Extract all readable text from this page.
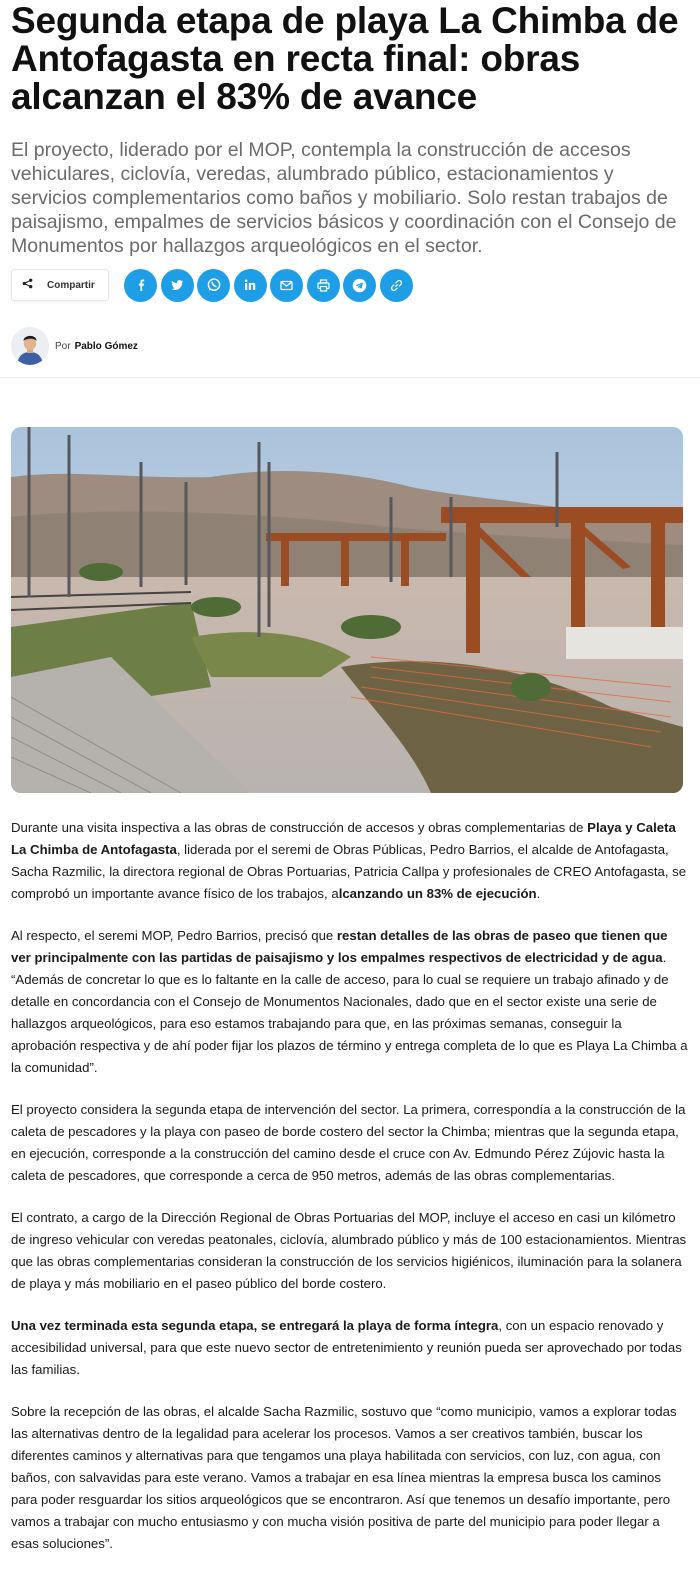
Segunda etapa de playa La Chimba de Antofagasta en recta final: obras alcanzan el 83% de avance

El proyecto, liderado por el MOP, contempla la construcción de accesos vehiculares, ciclovía, veredas, alumbrado público, estacionamientos y servicios complementarios como baños y mobiliario. Solo restan trabajos de paisajismo, empalmes de servicios básicos y coordinación con el Consejo de Monumentos por hallazgos arqueológicos en el sector.

Compartir
Por Pablo Gómez

Durante una visita inspectiva a las obras de construcción de accesos y obras complementarias de Playa y Caleta La Chimba de Antofagasta, liderada por el seremi de Obras Públicas, Pedro Barrios, el alcalde de Antofagasta, Sacha Razmilic, la directora regional de Obras Portuarias, Patricia Callpa y profesionales de CREO Antofagasta, se comprobó un importante avance físico de los trabajos, alcanzando un 83% de ejecución.

Al respecto, el seremi MOP, Pedro Barrios, precisó que restan detalles de las obras de paseo que tienen que ver principalmente con las partidas de paisajismo y los empalmes respectivos de electricidad y de agua. “Además de concretar lo que es lo faltante en la calle de acceso, para lo cual se requiere un trabajo afinado y de detalle en concordancia con el Consejo de Monumentos Nacionales, dado que en el sector existe una serie de hallazgos arqueológicos, para eso estamos trabajando para que, en las próximas semanas, conseguir la aprobación respectiva y de ahí poder fijar los plazos de término y entrega completa de lo que es Playa La Chimba a la comunidad”.

El proyecto considera la segunda etapa de intervención del sector. La primera, correspondía a la construcción de la caleta de pescadores y la playa con paseo de borde costero del sector la Chimba; mientras que la segunda etapa, en ejecución, corresponde a la construcción del camino desde el cruce con Av. Edmundo Pérez Zújovic hasta la caleta de pescadores, que corresponde a cerca de 950 metros, además de las obras complementarias.

El contrato, a cargo de la Dirección Regional de Obras Portuarias del MOP, incluye el acceso en casi un kilómetro de ingreso vehicular con veredas peatonales, ciclovía, alumbrado público y más de 100 estacionamientos. Mientras que las obras complementarias consideran la construcción de los servicios higiénicos, iluminación para la solanera de playa y más mobiliario en el paseo público del borde costero.

Una vez terminada esta segunda etapa, se entregará la playa de forma íntegra, con un espacio renovado y accesibilidad universal, para que este nuevo sector de entretenimiento y reunión pueda ser aprovechado por todas las familias.

Sobre la recepción de las obras, el alcalde Sacha Razmilic, sostuvo que “como municipio, vamos a explorar todas las alternativas dentro de la legalidad para acelerar los procesos. Vamos a ser creativos también, buscar los diferentes caminos y alternativas para que tengamos una playa habilitada con servicios, con luz, con agua, con baños, con salvavidas para este verano. Vamos a trabajar en esa línea mientras la empresa busca los caminos para poder resguardar los sitios arqueológicos que se encontraron. Así que tenemos un desafío importante, pero vamos a trabajar con mucho entusiasmo y con mucha visión positiva de parte del municipio para poder llegar a esas soluciones”.
